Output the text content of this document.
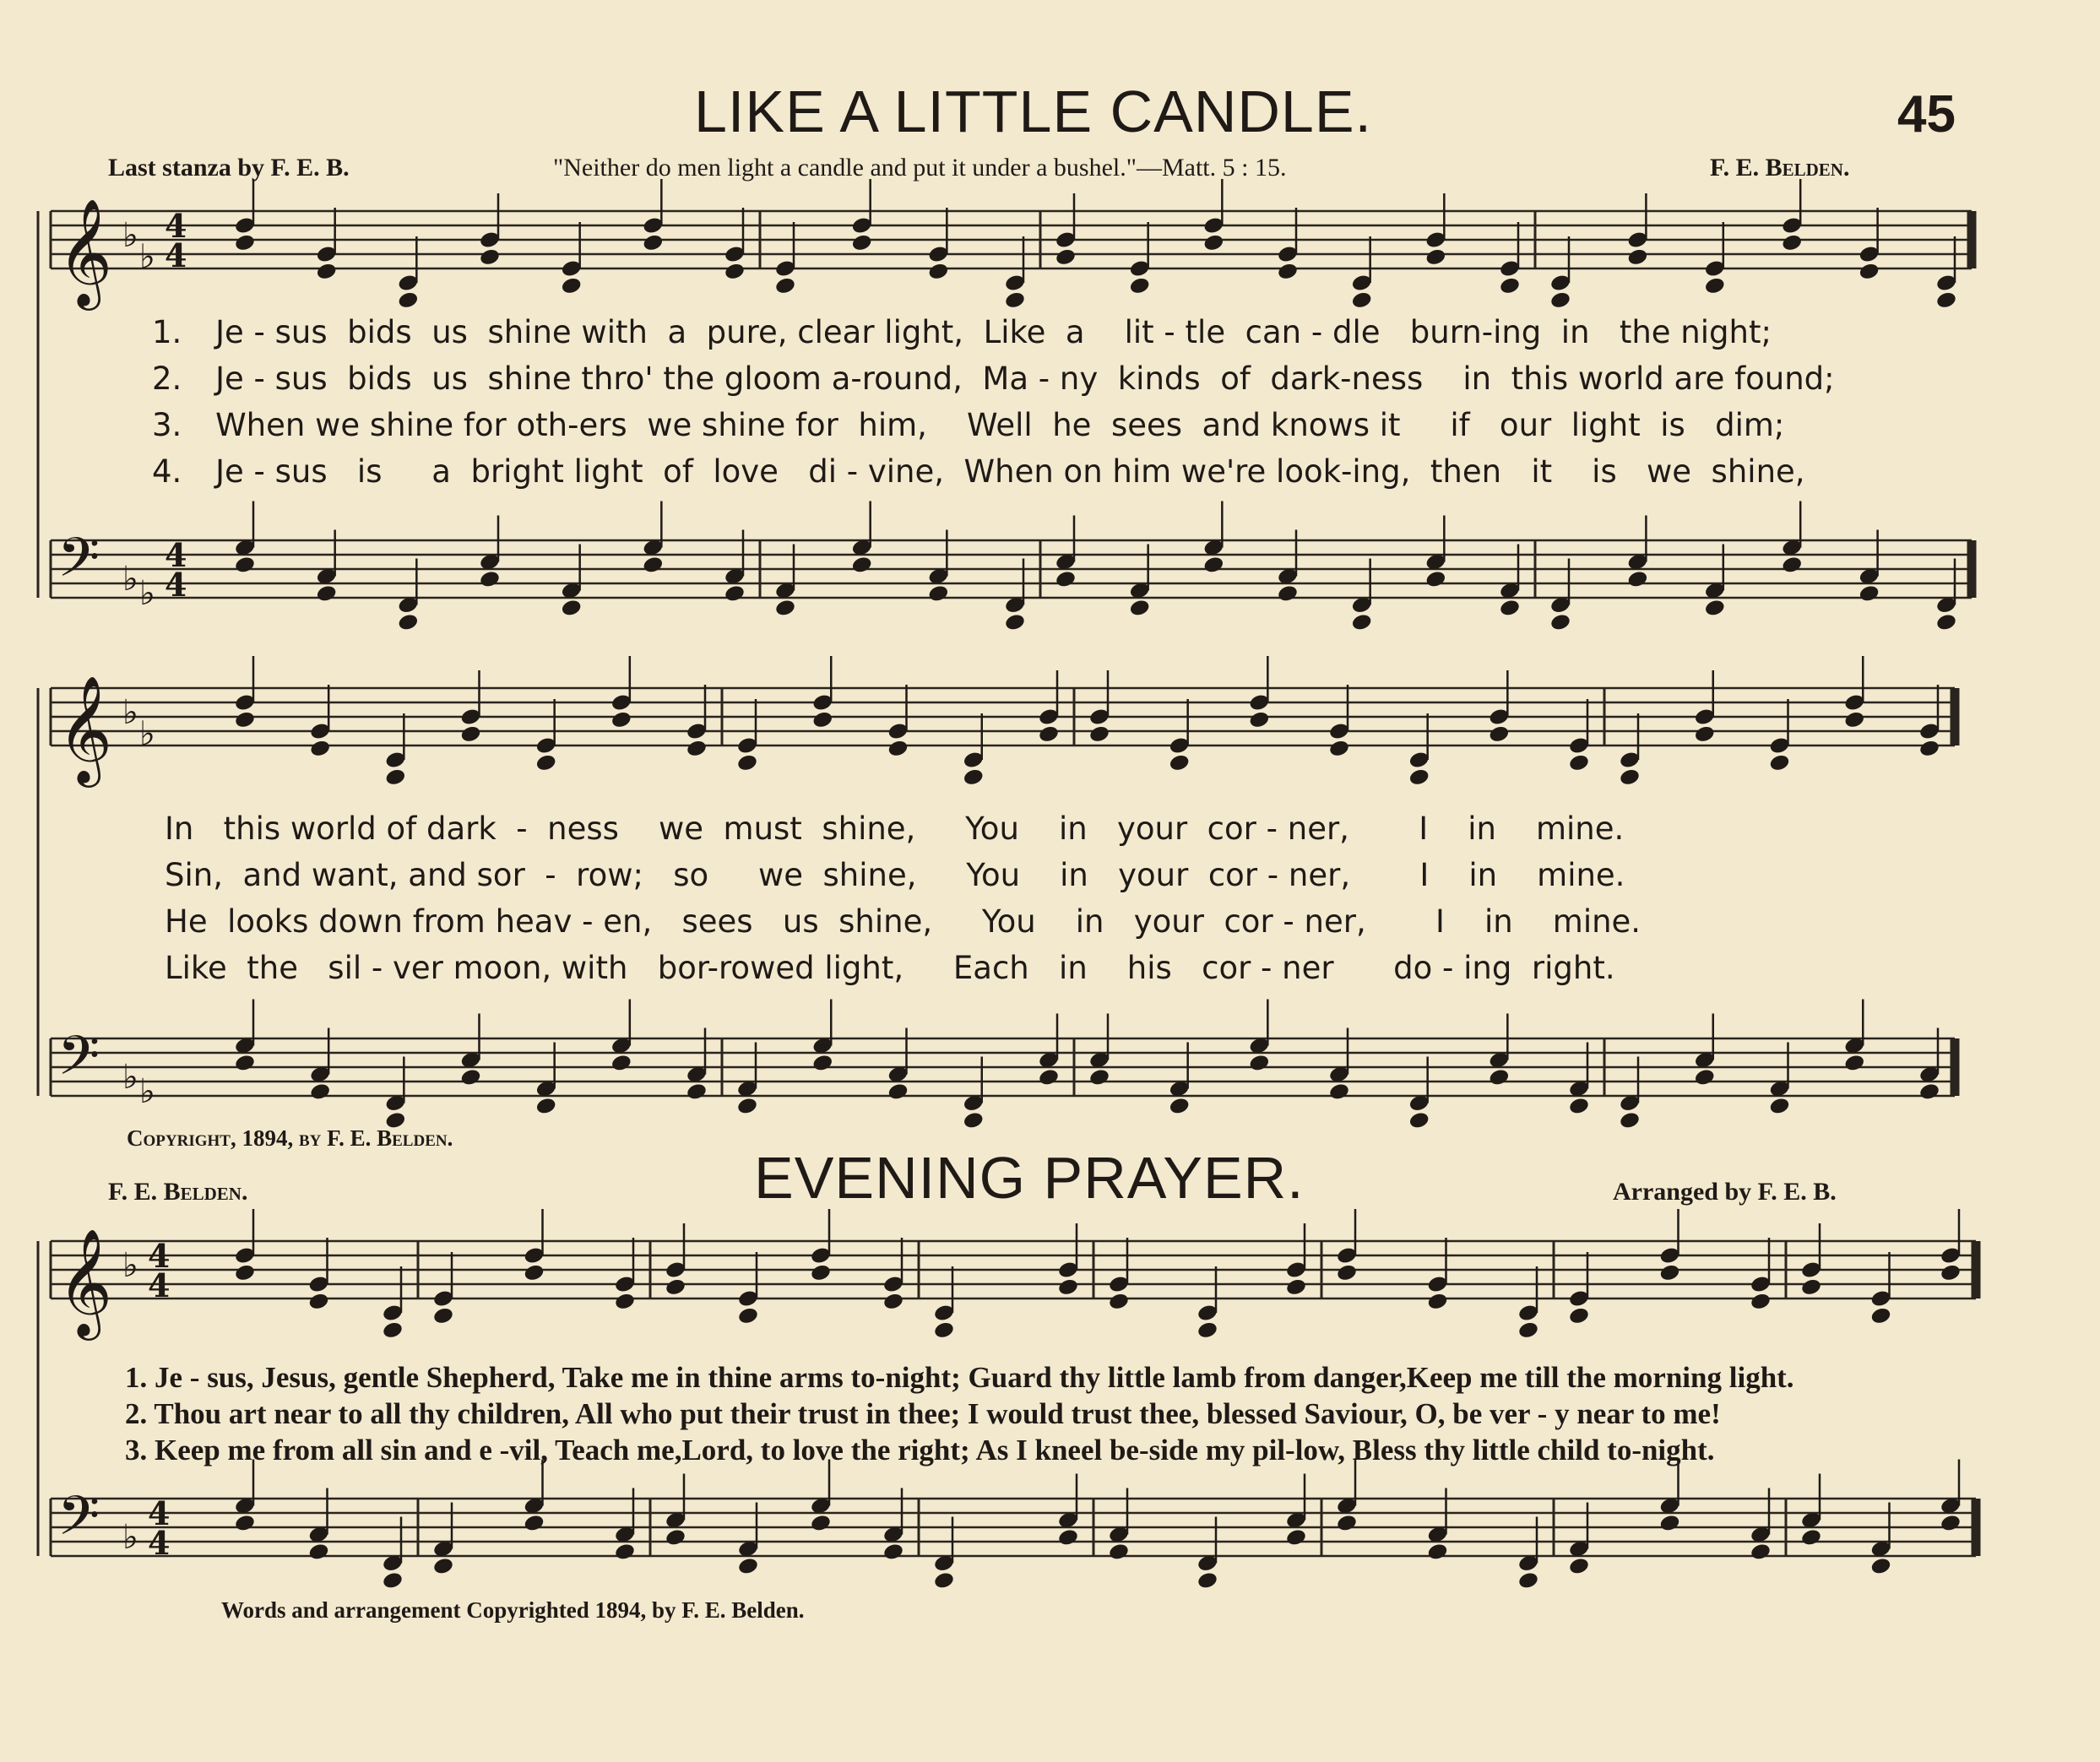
LIKE A LITTLE CANDLE.	45
Last stanza by F. E. B.	"Neither do men light a candle and put it under a bushel."—Matt. 5 : 15.	F. E. Belden.
1. Je - sus  bids  us  shine with  a  pure, clear light,  Like  a    lit - tle  can - dle   burn-ing  in   the night;
2. Je - sus  bids  us  shine thro' the gloom a-round,  Ma - ny  kinds  of  dark-ness    in  this world are found;
3. When we shine for oth-ers  we shine for  him,    Well  he  sees  and knows it     if   our  light  is   dim;
4. Je - sus   is     a  bright light  of  love   di - vine,  When on him we're look-ing,  then   it    is   we  shine,
In   this world of dark  -  ness    we  must  shine,     You    in   your  cor - ner,       I    in    mine.
Sin,  and want, and sor  -  row;   so     we  shine,     You    in   your  cor - ner,       I    in    mine.
He  looks down from heav - en,   sees   us  shine,     You    in   your  cor - ner,       I    in    mine.
Like  the   sil - ver moon, with   bor-rowed light,     Each   in    his   cor - ner      do - ing  right.
Copyright, 1894, by F. E. Belden.
F. E. Belden.	EVENING PRAYER.	Arranged by F. E. B.
1. Je - sus, Jesus, gentle Shepherd, Take me in thine arms to-night; Guard thy little lamb from danger,Keep me till the morning light.
2. Thou art near to all thy children, All who put their trust in thee; I would trust thee, blessed Saviour, O, be ver - y near to me!
3. Keep me from all sin and e -vil, Teach me,Lord, to love the right; As I kneel be-side my pil-low, Bless thy little child to-night.
Words and arrangement Copyrighted 1894, by F. E. Belden.
𝄞 ♭
♭
4
4
𝄢 ♭ ♭
4
4
𝄞 ♭
♭
𝄢 ♭ ♭
𝄞 ♭ 4
4
𝄢 ♭
4
4
